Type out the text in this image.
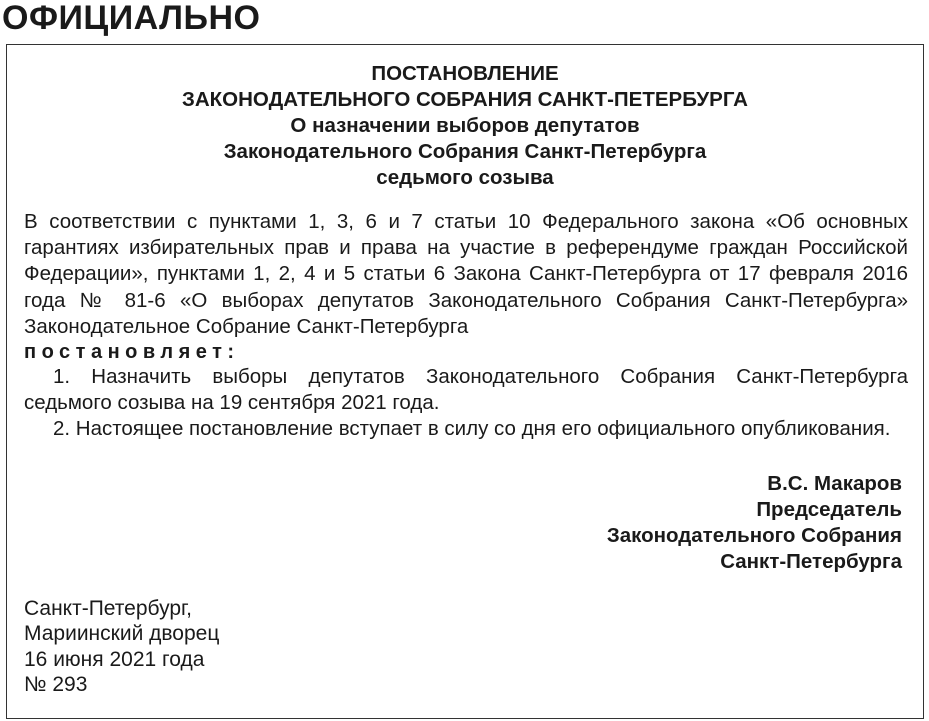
ОФИЦИАЛЬНО
ПОСТАНОВЛЕНИЕ
ЗАКОНОДАТЕЛЬНОГО СОБРАНИЯ САНКТ-ПЕТЕРБУРГА
О назначении выборов депутатов
Законодательного Собрания Санкт-Петербурга
седьмого созыва

В соответствии с пунктами 1, 3, 6 и 7 статьи 10 Федерального закона «Об основных гарантиях избирательных прав и права на участие в референдуме граждан Российской Федерации», пунктами 1, 2, 4 и 5 статьи 6 Закона Санкт-Петербурга от 17 февраля 2016 года № 81-6 «О выборах депутатов Законодательного Собрания Санкт-Петербурга» Законодательное Собрание Санкт-Петербурга

постановляет:

1. Назначить выборы депутатов Законодательного Собрания Санкт-Петербурга седьмого созыва на 19 сентября 2021 года.

2. Настоящее постановление вступает в силу со дня его официального опубликования.

В.С. Макаров
Председатель
Законодательного Собрания
Санкт-Петербурга
Санкт-Петербург,
Мариинский дворец
16 июня 2021 года
№ 293
